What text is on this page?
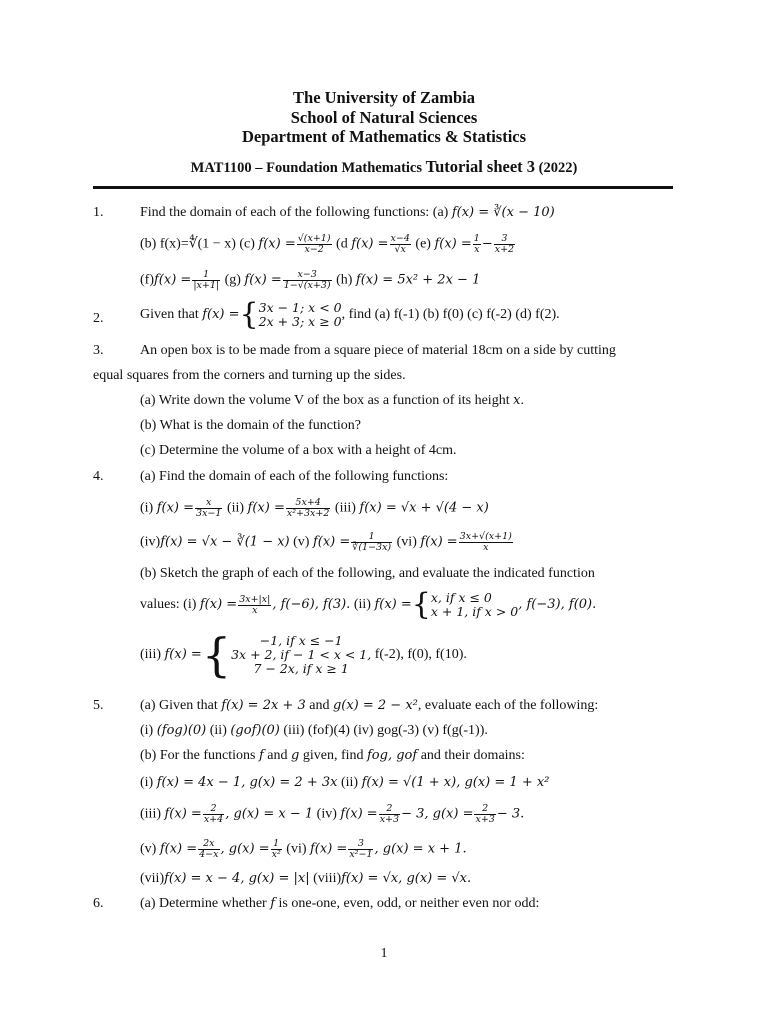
The University of Zambia
School of Natural Sciences
Department of Mathematics & Statistics
MAT1100 – Foundation Mathematics Tutorial sheet 3 (2022)
1.	Find the domain of each of the following functions: (a) f(x) = ∛(x − 10)
(b) f(x)=∜(1 − x) (c) $f(x) = \frac{√(x+1)}{x-2} (d$ $f(x) = \frac{x-4}{√x} (e) f(x) = \frac{1}{x} - \frac{3}{x+2}$
$(f)f(x) = \frac{1}{|x+1|} (g) f(x) = \frac{x-3}{1-√(x+3)} (h) f(x) = 5x^2 + 2x - 1$
2.	Given that f(x) ={ 3x − 1; x < 0
2x + 3; x ≥ 0 , find (a) f(-1) (b) f(0) (c) f(-2) (d) f(2).
3.	An open box is to be made from a square piece of material 18cm on a side by cutting
equal squares from the corners and turning up the sides.
(a) Write down the volume V of the box as a function of its height x.
(b) What is the domain of the function?
(c) Determine the volume of a box with a height of 4cm.
4.	(a) Find the domain of each of the following functions:
(i) $f(x) = \frac{x}{3x-1} (ii) f(x) = \frac{5x+4}{\text{x²+3x+2}} (iii) f(x) = √x + √(4 - x)$
(iv)f(x) = √x − ∛(1 − x) (v) $f(x) = \frac{1}{∛(1-3x)} (vi) f(x) = \frac{3x+√(x+1)}{x}$
(b) Sketch the graph of each of the following, and evaluate the indicated function
values: (i) $f(x) = \frac{3x+|x|}{x}$ , f(−6), f(3). (ii) f(x) ={ x, if x ≤ 0
x + 1, if x > 0 , f(−3), f(0).
(iii) f(x) ={	−1, if x ≤ −1
3x + 2, if − 1 < x < 1,
7 − 2x, if x ≥ 1
f(-2), f(0), f(10).
5.	(a) Given that f(x) = 2x + 3 and g(x) = 2 − x², evaluate each of the following:
(i) (fog)(0) (ii) (gof)(0) (iii) (fof)(4) (iv) gog(-3) (v) f(g(-1)).
(b) For the functions f and g given, find fog, gof and their domains:
(i) f(x) = 4x − 1, g(x) = 2 + 3x (ii) f(x) = √(1 + x), g(x) = 1 + x²
(iii) $f(x) = \frac{2}{x+4}$ , g(x) = x − 1 (iv) $f(x) = \frac{2}{x+3} - 3$, $g(x) = \frac{2}{x+3} - 3$.
(v) $f(x) = \frac{2x}{4-x}$ , $g(x) = \frac{1}{\text{x²}} (vi) f(x) = \frac{3}{\text{x²−1}}$ , g(x) = x + 1.
(vii)f(x) = x − 4, g(x) = |x| (viii)f(x) = √x, g(x) = √x.
6.	(a) Determine whether f is one-one, even, odd, or neither even nor odd:
1
